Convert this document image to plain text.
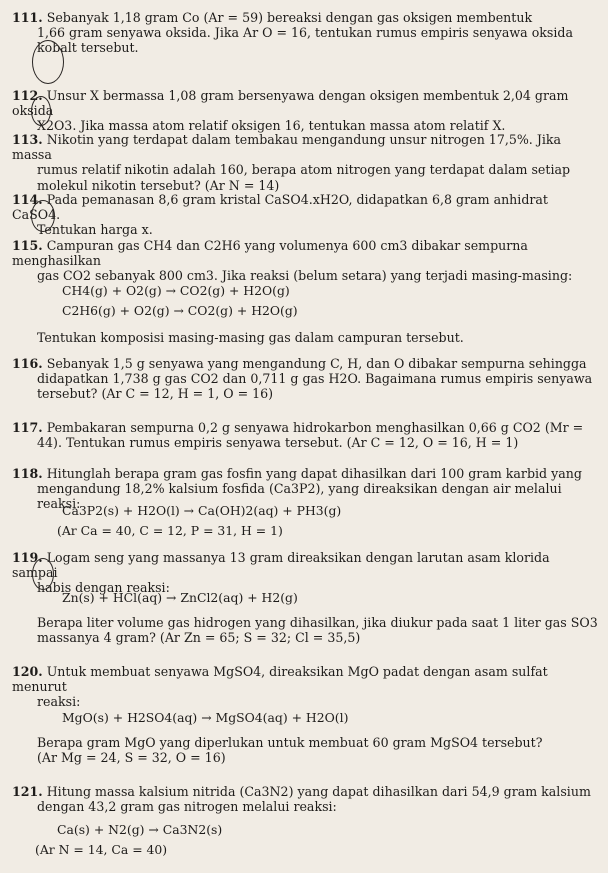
111. Sebanyak 1,18 gram Co (Ar = 59) bereaksi dengan gas oksigen membentuk

1,66 gram senyawa oksida. Jika Ar O = 16, tentukan rumus empiris senyawa oksida

kobalt tersebut.

112. Unsur X bermassa 1,08 gram bersenyawa dengan oksigen membentuk 2,04 gram oksida

X2O3. Jika massa atom relatif oksigen 16, tentukan massa atom relatif X.

113. Nikotin yang terdapat dalam tembakau mengandung unsur nitrogen 17,5%. Jika massa

rumus relatif nikotin adalah 160, berapa atom nitrogen yang terdapat dalam setiap

molekul nikotin tersebut? (Ar N = 14)

114. Pada pemanasan 8,6 gram kristal CaSO4.xH2O, didapatkan 6,8 gram anhidrat CaSO4.

Tentukan harga x.

115. Campuran gas CH4 dan C2H6 yang volumenya 600 cm3 dibakar sempurna menghasilkan

gas CO2 sebanyak 800 cm3. Jika reaksi (belum setara) yang terjadi masing-masing:

CH4(g) + O2(g) → CO2(g) + H2O(g)
C2H6(g) + O2(g) → CO2(g) + H2O(g)

Tentukan komposisi masing-masing gas dalam campuran tersebut.

116. Sebanyak 1,5 g senyawa yang mengandung C, H, dan O dibakar sempurna sehingga

didapatkan 1,738 g gas CO2 dan 0,711 g gas H2O. Bagaimana rumus empiris senyawa

tersebut? (Ar C = 12, H = 1, O = 16)

117. Pembakaran sempurna 0,2 g senyawa hidrokarbon menghasilkan 0,66 g CO2 (Mr =

44). Tentukan rumus empiris senyawa tersebut. (Ar C = 12, O = 16, H = 1)

118. Hitunglah berapa gram gas fosfin yang dapat dihasilkan dari 100 gram karbid yang

mengandung 18,2% kalsium fosfida (Ca3P2), yang direaksikan dengan air melalui reaksi:

Ca3P2(s) + H2O(l) → Ca(OH)2(aq) + PH3(g)
(Ar Ca = 40, C = 12, P = 31, H = 1)

119. Logam seng yang massanya 13 gram direaksikan dengan larutan asam klorida sampai

habis dengan reaksi:

Zn(s) + HCl(aq) → ZnCl2(aq) + H2(g)

Berapa liter volume gas hidrogen yang dihasilkan, jika diukur pada saat 1 liter gas SO3

massanya 4 gram? (Ar Zn = 65; S = 32; Cl = 35,5)

120. Untuk membuat senyawa MgSO4, direaksikan MgO padat dengan asam sulfat menurut

reaksi:

MgO(s) + H2SO4(aq) → MgSO4(aq) + H2O(l)

Berapa gram MgO yang diperlukan untuk membuat 60 gram MgSO4 tersebut?

(Ar Mg = 24, S = 32, O = 16)

121. Hitung massa kalsium nitrida (Ca3N2) yang dapat dihasilkan dari 54,9 gram kalsium

dengan 43,2 gram gas nitrogen melalui reaksi:

Ca(s) + N2(g) → Ca3N2(s)
(Ar N = 14, Ca = 40)
